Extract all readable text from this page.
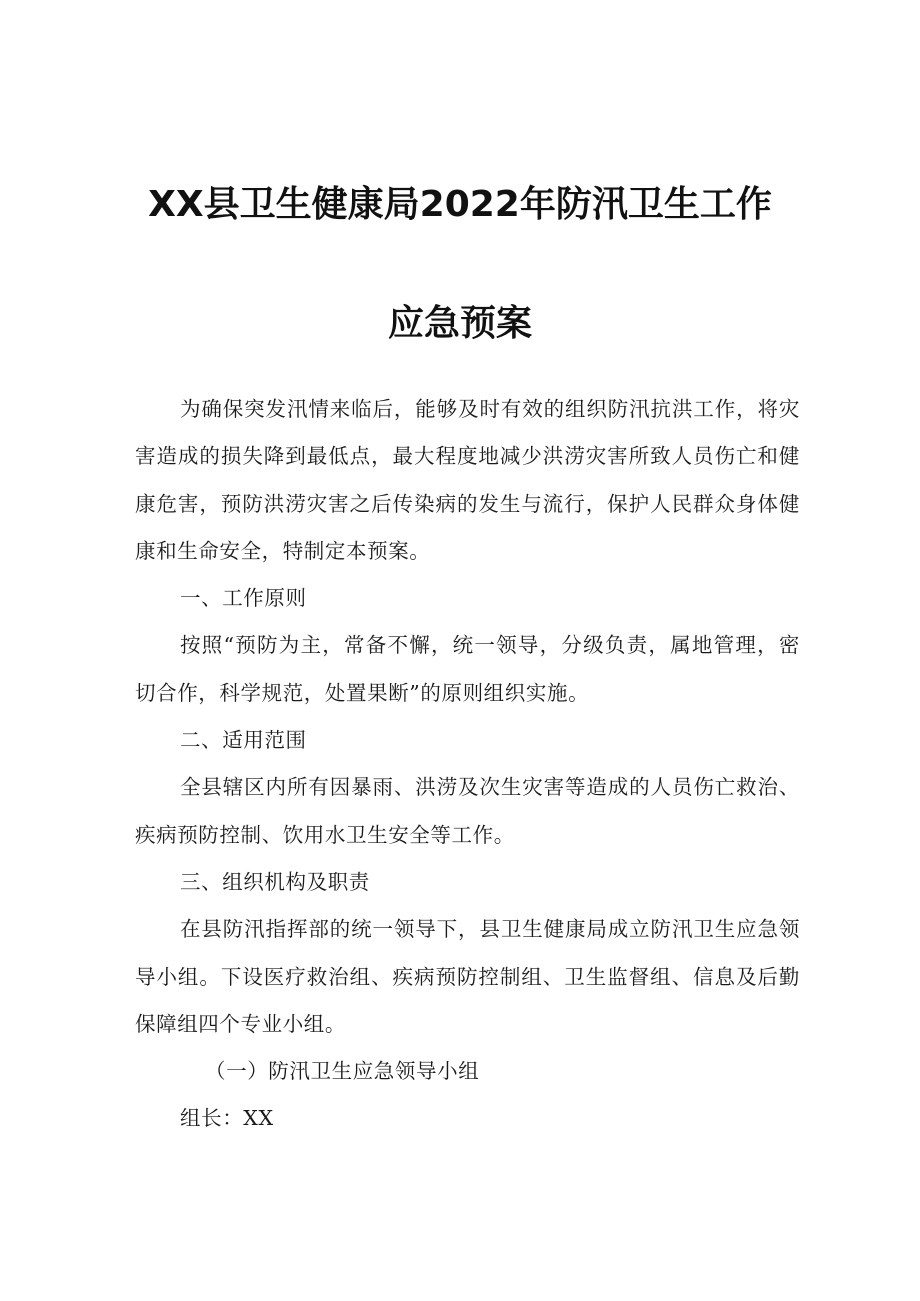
XX县卫生健康局2022年防汛卫生工作
应急预案

为确保突发汛情来临后，能够及时有效的组织防汛抗洪工作，将灾害造成的损失降到最低点，最大程度地减少洪涝灾害所致人员伤亡和健康危害，预防洪涝灾害之后传染病的发生与流行，保护人民群众身体健康和生命安全，特制定本预案。

一、工作原则

按照“预防为主，常备不懈，统一领导，分级负责，属地管理，密切合作，科学规范，处置果断”的原则组织实施。

二、适用范围

全县辖区内所有因暴雨、洪涝及次生灾害等造成的人员伤亡救治、疾病预防控制、饮用水卫生安全等工作。

三、组织机构及职责

在县防汛指挥部的统一领导下，县卫生健康局成立防汛卫生应急领导小组。下设医疗救治组、疾病预防控制组、卫生监督组、信息及后勤保障组四个专业小组。

（一）防汛卫生应急领导小组

组长：XX
